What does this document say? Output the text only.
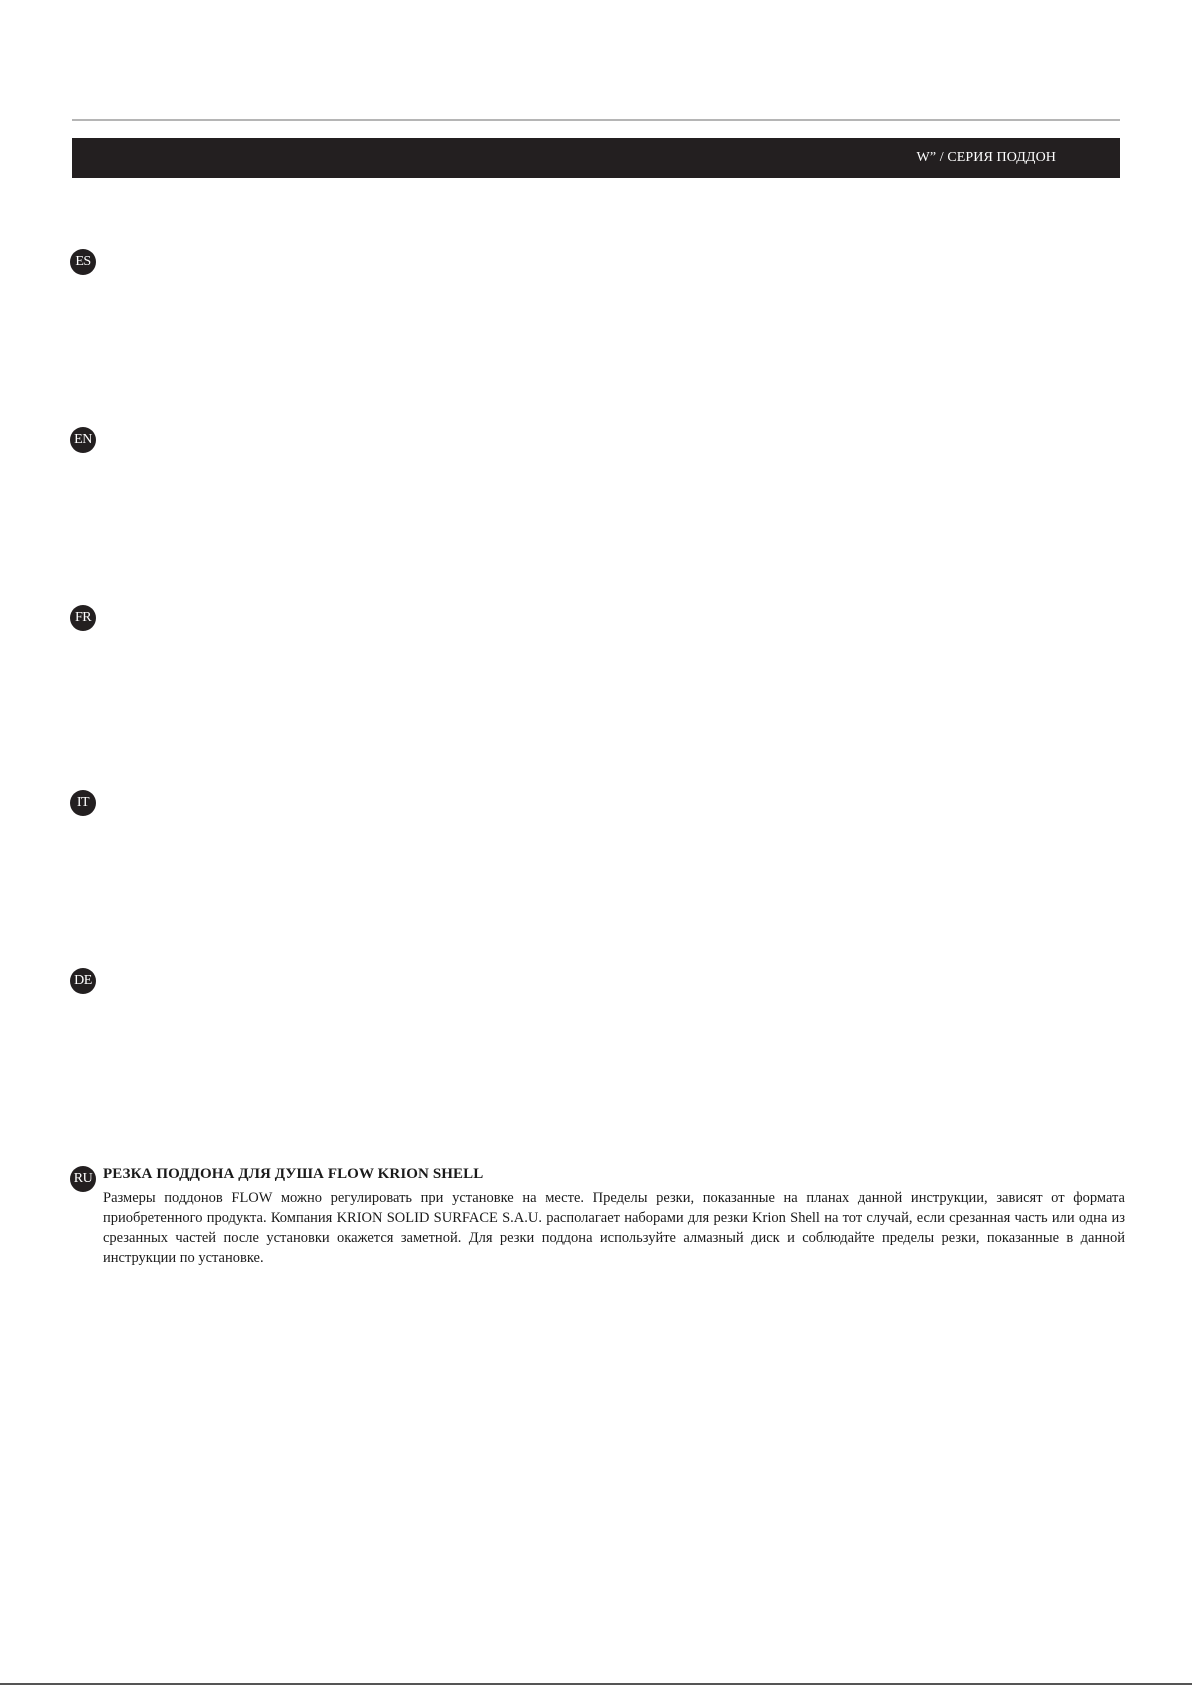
W” / СЕРИЯ ПОДДОН
ES
EN
FR
IT
DE
RU РЕЗКА ПОДДОНА ДЛЯ ДУША FLOW KRION SHELL

Размеры поддонов FLOW можно регулировать при установке на месте. Пределы резки, показанные на планах данной инструкции, зависят от формата приобретенного продукта. Компания KRION SOLID SURFACE S.A.U. располагает наборами для резки Krion Shell на тот случай, если срезанная часть или одна из срезанных частей после установки окажется заметной. Для резки поддона используйте алмазный диск и соблюдайте пределы резки, показанные в данной инструкции по установке.
